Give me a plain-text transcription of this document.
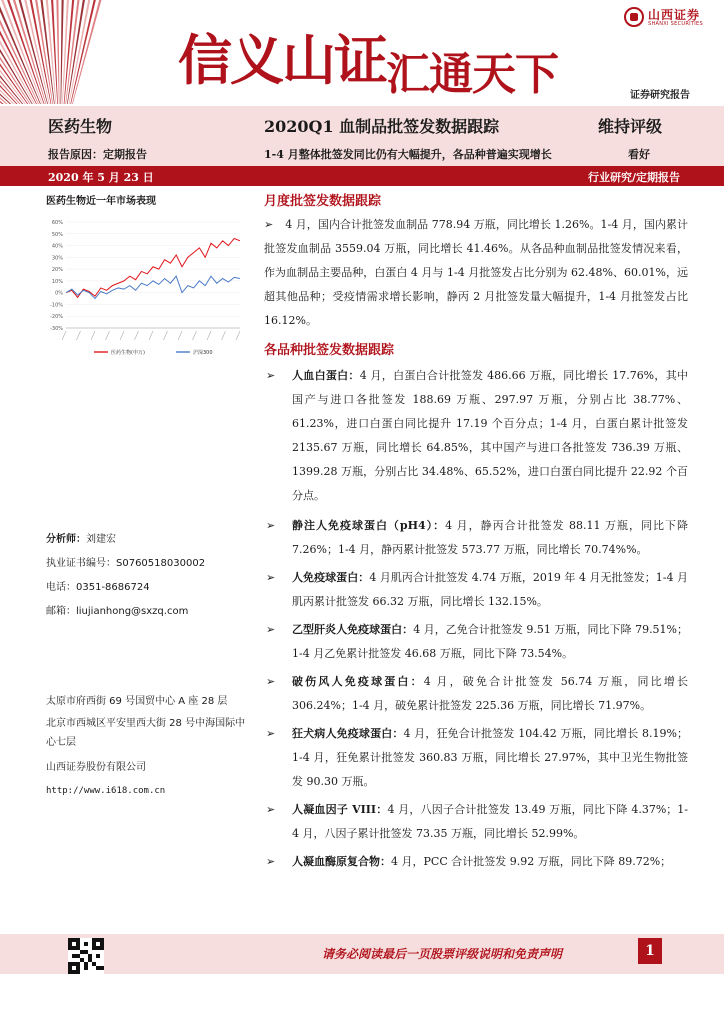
信义山证汇通天下
山西证券
SHANXI SECURITIES
证券研究报告
医药生物	2020Q1 血制品批签发数据跟踪	维持评级
报告原因：定期报告	1-4 月整体批签发同比仍有大幅提升，各品种普遍实现增长	看好
2020 年 5 月 23 日	行业研究/定期报告
医药生物近一年市场表现
60%
50%
40%
30%
20%
10%
0%
-10%
-20%
-30%
医药生物(申万)	沪深300
分析师：刘建宏
执业证书编号：S0760518030002
电话：0351-8686724
邮箱：liujianhong@sxzq.com
太原市府西街 69 号国贸中心 A 座 28 层
北京市西城区平安里西大街 28 号中海国际中心七层
山西证券股份有限公司
http://www.i618.com.cn
月度批签发数据跟踪
➢ 4 月，国内合计批签发血制品 778.94 万瓶，同比增长 1.26%。1-4 月，国内累计批签发血制品 3559.04 万瓶，同比增长 41.46%。从各品种血制品批签发情况来看，作为血制品主要品种，白蛋白 4 月与 1-4 月批签发占比分别为 62.48%、60.01%，远超其他品种；受疫情需求增长影响，静丙 2 月批签发量大幅提升，1-4 月批签发占比 16.12%。
各品种批签发数据跟踪
➢ 人血白蛋白：4 月，白蛋白合计批签发 486.66 万瓶，同比增长 17.76%，其中国产与进口各批签发 188.69 万瓶、297.97 万瓶，分别占比 38.77%、61.23%，进口白蛋白同比提升 17.19 个百分点；1-4 月，白蛋白累计批签发 2135.67 万瓶，同比增长 64.85%，其中国产与进口各批签发 736.39 万瓶、1399.28 万瓶，分别占比 34.48%、65.52%，进口白蛋白同比提升 22.92 个百分点。
➢ 静注人免疫球蛋白（pH4）：4 月，静丙合计批签发 88.11 万瓶，同比下降 7.26%；1-4 月，静丙累计批签发 573.77 万瓶，同比增长 70.74%%。
➢ 人免疫球蛋白：4 月肌丙合计批签发 4.74 万瓶，2019 年 4 月无批签发；1-4 月肌丙累计批签发 66.32 万瓶，同比增长 132.15%。
➢ 乙型肝炎人免疫球蛋白：4 月，乙免合计批签发 9.51 万瓶，同比下降 79.51%；1-4 月乙免累计批签发 46.68 万瓶，同比下降 73.54%。
➢ 破伤风人免疫球蛋白：4 月，破免合计批签发 56.74 万瓶，同比增长 306.24%；1-4 月，破免累计批签发 225.36 万瓶，同比增长 71.97%。
➢ 狂犬病人免疫球蛋白：4 月，狂免合计批签发 104.42 万瓶，同比增长 8.19%；1-4 月，狂免累计批签发 360.83 万瓶，同比增长 27.97%，其中卫光生物批签发 90.30 万瓶。
➢ 人凝血因子 VIII：4 月，八因子合计批签发 13.49 万瓶，同比下降 4.37%；1-4 月，八因子累计批签发 73.35 万瓶，同比增长 52.99%。
➢ 人凝血酶原复合物：4 月，PCC 合计批签发 9.92 万瓶，同比下降 89.72%；
请务必阅读最后一页股票评级说明和免责声明	1
